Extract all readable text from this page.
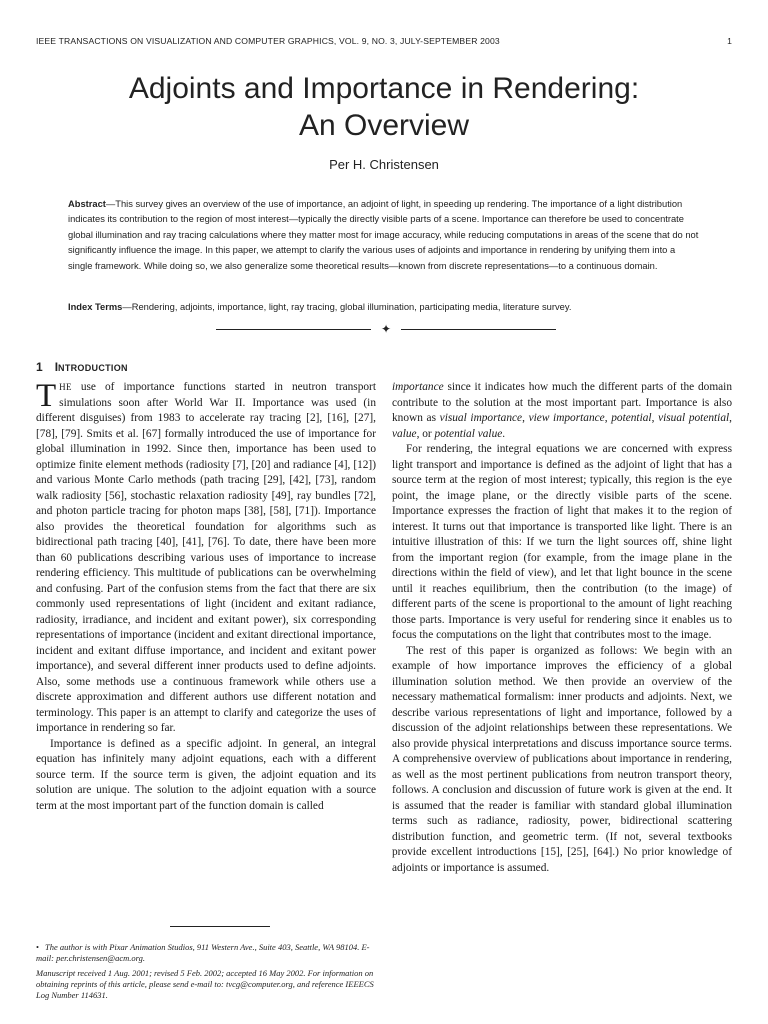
IEEE TRANSACTIONS ON VISUALIZATION AND COMPUTER GRAPHICS, VOL. 9, NO. 3, JULY-SEPTEMBER 2003	1
Adjoints and Importance in Rendering:
An Overview
Per H. Christensen
Abstract—This survey gives an overview of the use of importance, an adjoint of light, in speeding up rendering. The importance of a light distribution indicates its contribution to the region of most interest—typically the directly visible parts of a scene. Importance can therefore be used to concentrate global illumination and ray tracing calculations where they matter most for image accuracy, while reducing computations in areas of the scene that do not significantly influence the image. In this paper, we attempt to clarify the various uses of adjoints and importance in rendering by unifying them into a single framework. While doing so, we also generalize some theoretical results—known from discrete representations—to a continuous domain.
Index Terms—Rendering, adjoints, importance, light, ray tracing, global illumination, participating media, literature survey.
✦
1 INTRODUCTION

THE use of importance functions started in neutron transport simulations soon after World War II. Importance was used (in different disguises) from 1983 to accelerate ray tracing [2], [16], [27], [78], [79]. Smits et al. [67] formally introduced the use of importance for global illumination in 1992. Since then, importance has been used to optimize finite element methods (radiosity [7], [20] and radiance [4], [12]) and various Monte Carlo methods (path tracing [29], [42], [73], random walk radiosity [56], stochastic relaxation radiosity [49], ray bundles [72], and photon particle tracing for photon maps [38], [58], [71]). Importance also provides the theoretical foundation for algorithms such as bidirectional path tracing [40], [41], [76]. To date, there have been more than 60 publications describing various uses of importance to increase rendering efficiency. This multitude of publications can be overwhelming and confusing. Part of the confusion stems from the fact that there are six commonly used representations of light (incident and exitant radiance, radiosity, irradiance, and incident and exitant power), six corresponding representations of importance (incident and exitant directional importance, incident and exitant diffuse importance, and incident and exitant power importance), and several different inner products used to define adjoints. Also, some methods use a continuous framework while others use a discrete approximation and different authors use different notation and terminology. This paper is an attempt to clarify and categorize the uses of importance in rendering so far.

Importance is defined as a specific adjoint. In general, an integral equation has infinitely many adjoint equations, each with a different source term. If the source term is given, the adjoint equation and its solution are unique. The solution to the adjoint equation with a source term at the most important part of the function domain is called

importance since it indicates how much the different parts of the domain contribute to the solution at the most important part. Importance is also known as visual importance, view importance, potential, visual potential, value, or potential value.

For rendering, the integral equations we are concerned with express light transport and importance is defined as the adjoint of light that has a source term at the region of most interest; typically, this region is the eye point, the image plane, or the directly visible parts of the scene. Importance expresses the fraction of light that makes it to the region of interest. It turns out that importance is transported like light. There is an intuitive illustration of this: If we turn the light sources off, shine light from the important region (for example, from the image plane in the directions within the field of view), and let that light bounce in the scene until it reaches equilibrium, then the contribution (to the image) of different parts of the scene is proportional to the amount of light reaching those parts. Importance is very useful for rendering since it enables us to focus the computations on the light that contributes most to the image.

The rest of this paper is organized as follows: We begin with an example of how importance improves the efficiency of a global illumination solution method. We then provide an overview of the necessary mathematical formalism: inner products and adjoints. Next, we describe various representations of light and importance, followed by a discussion of the adjoint relationships between these representations. We also provide physical interpretations and discuss importance source terms. A comprehensive overview of publications about importance in rendering, as well as the most pertinent publications from neutron transport theory, follows. A conclusion and discussion of future work is given at the end. It is assumed that the reader is familiar with standard global illumination terms such as radiance, radiosity, power, bidirectional scattering distribution function, and geometric term. (If not, several textbooks provide excellent introductions [15], [25], [64].) No prior knowledge of adjoints or importance is assumed.

• The author is with Pixar Animation Studios, 911 Western Ave., Suite 403, Seattle, WA 98104. E-mail: per.christensen@acm.org.

Manuscript received 1 Aug. 2001; revised 5 Feb. 2002; accepted 16 May 2002. For information on obtaining reprints of this article, please send e-mail to: tvcg@computer.org, and reference IEEECS Log Number 114631.
